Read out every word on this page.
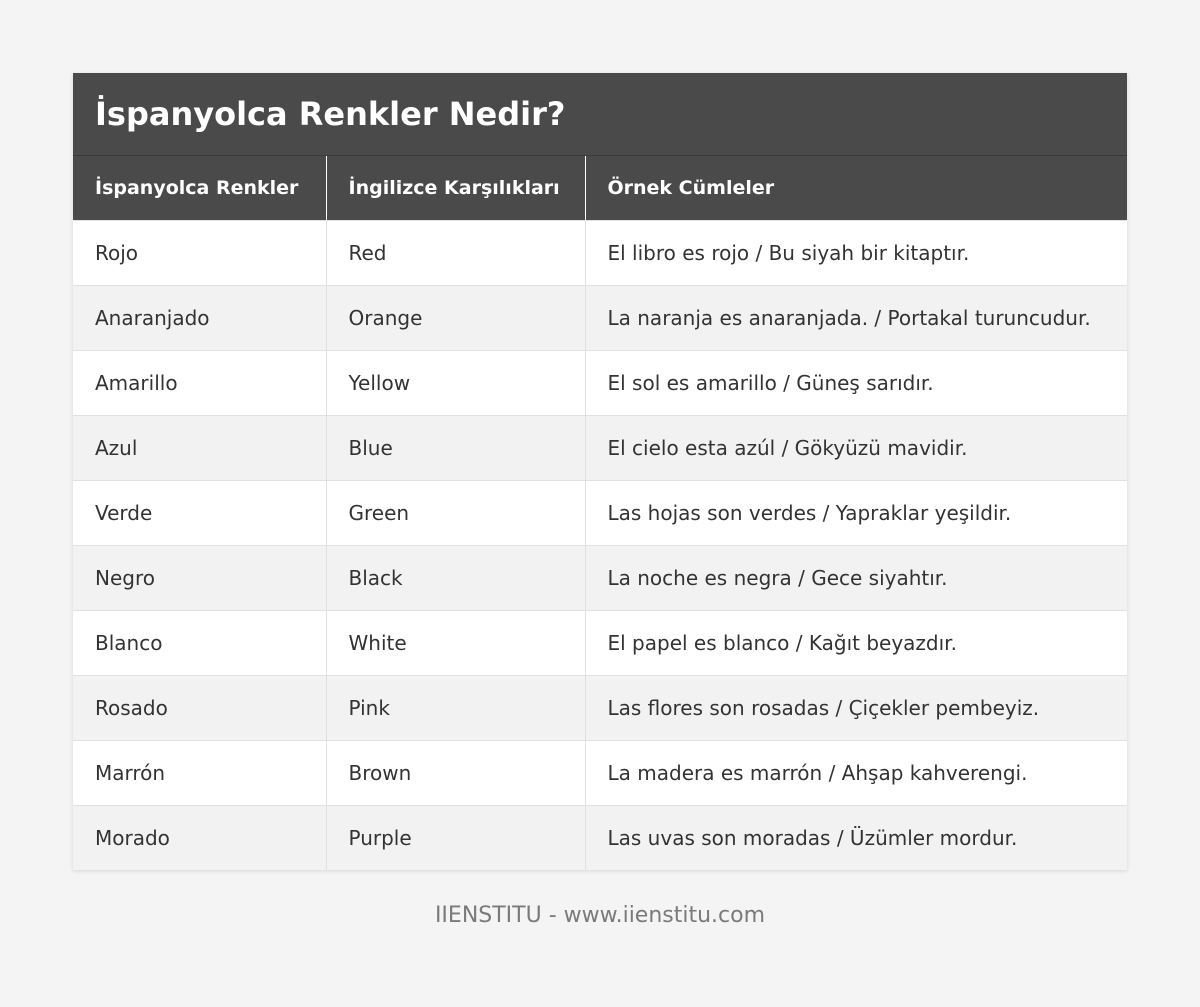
İspanyolca Renkler Nedir?
İspanyolca Renkler	İngilizce Karşılıkları	Örnek Cümleler
Rojo	Red	El libro es rojo / Bu siyah bir kitaptır.
Anaranjado	Orange	La naranja es anaranjada. / Portakal turuncudur.
Amarillo	Yellow	El sol es amarillo / Güneş sarıdır.
Azul	Blue	El cielo esta azúl / Gökyüzü mavidir.
Verde	Green	Las hojas son verdes / Yapraklar yeşildir.
Negro	Black	La noche es negra / Gece siyahtır.
Blanco	White	El papel es blanco / Kağıt beyazdır.
Rosado	Pink	Las flores son rosadas / Çiçekler pembeyiz.
Marrón	Brown	La madera es marrón / Ahşap kahverengi.
Morado	Purple	Las uvas son moradas / Üzümler mordur.
IIENSTITU - www.iienstitu.com
